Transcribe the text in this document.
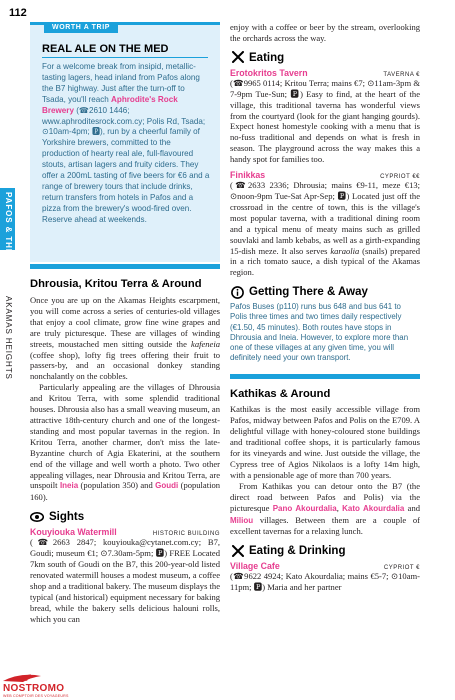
112
PAFOS & THE WEST AKAMAS HEIGHTS
WORTH A TRIP
REAL ALE ON THE MED
For a welcome break from insipid, metallic-tasting lagers, head inland from Pafos along the B7 highway. Just after the turn-off to Tsada, you'll reach Aphrodite's Rock Brewery (☎2610 1446; www.aphroditesrock.com.cy; Polis Rd, Tsada; ⊙10am-4pm; 🅿), run by a cheerful family of Yorkshire brewers, committed to the production of hearty real ale, full-flavoured stouts, artisan lagers and fruity ciders. They offer a 200mL tasting of five beers for €6 and a range of brewery tours that include drinks, return transfers from hotels in Pafos and a pizza from the brewery's wood-fired oven. Reserve ahead at weekends.
Dhrousia, Kritou Terra & Around

Once you are up on the Akamas Heights escarpment, you will come across a series of centuries-old villages that enjoy a cool climate, grow fine wine grapes and are truly picturesque. These are villages of winding streets, moustached men sitting outside the kafeneia (coffee shop), lofty fig trees offering their fruit to passers-by, and an occasional donkey standing nonchalantly on the cobbles.

Particularly appealing are the villages of Dhrousia and Kritou Terra, with some splendid traditional houses. Dhrousia also has a small weaving museum, an attractive 18th-century church and one of the longest-standing and most popular tavernas in the region. In Kritou Terra, another charmer, don't miss the late-Byzantine church of Agia Ekaterini, at the southern end of the village and well worth a photo. Two other appealing villages, near Dhrousia and Kritou Terra, are unspoilt Ineia (population 350) and Goudi (population 160).

Sights
Kouyiouka Watermill	HISTORIC BUILDING

(☎2663 2847; kouyiouka@cytanet.com.cy; B7, Goudi; museum €1; ⊙7.30am-5pm; 🅿) FREE Located 7km south of Goudi on the B7, this 200-year-old listed renovated watermill houses a modest museum, a coffee shop and a traditional bakery. The museum displays the typical (and historical) equipment necessary for baking bread, while the bakery sells delicious halouni rolls, which you can

enjoy with a coffee or beer by the stream, overlooking the orchards across the way.

Eating
Erotokritos Tavern	TAVERNA €

(☎9965 0114; Kritou Terra; mains €7; ⊙11am-3pm & 7-9pm Tue-Sun; 🅿) Easy to find, at the heart of the village, this traditional taverna has wonderful views from the courtyard (look for the giant hanging gourds). Expect honest homestyle cooking with a menu that is no-fuss traditional and depends on what is fresh in season. The playground across the way makes this a handy spot for families too.

Finikkas	CYPRIOT €€

(☎2633 2336; Dhrousia; mains €9-11, meze €13; ⊙noon-9pm Tue-Sat Apr-Sep; 🅿) Located just off the crossroad in the centre of town, this is the village's most popular taverna, with a traditional dining room and a typical menu of meaty mains such as grilled souvlaki and lamb kebabs, as well as a girth-expanding 15-dish meze. It also serves karaolia (snails) prepared in a rich tomato sauce, a dish typical of the Akamas region.

Getting There & Away
Pafos Buses (p110) runs bus 648 and bus 641 to Polis three times and two times daily respectively (€1.50, 45 minutes). Both routes have stops in Dhrousia and Ineia. However, to explore more than one of these villages at any given time, you will definitely need your own transport.
Kathikas & Around

Kathikas is the most easily accessible village from Pafos, midway between Pafos and Polis on the E709. A delightful village with honey-coloured stone buildings and traditional coffee shops, it is particularly famous for its vineyards and wine. Just outside the village, the Cypress tree of Agios Nikolaos is a lofty 14m high, with a pensionable age of more than 700 years.

From Kathikas you can detour onto the B7 (the direct road between Pafos and Polis) via the picturesque Pano Akourdalia, Kato Akourdalia and Miliou villages. Between them are a couple of excellent tavernas for a relaxing lunch.

Eating & Drinking
Village Cafe	CYPRIOT €

(☎9622 4924; Kato Akourdalia; mains €5-7; ⊙10am-11pm; 🅿) Maria and her partner

NOSTROMO
WEB COMPTOIR DES VOYAGEURS
